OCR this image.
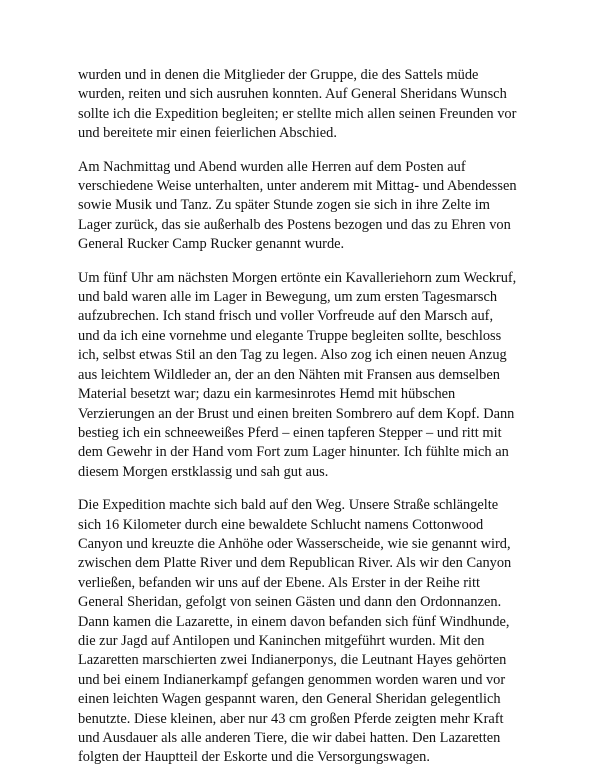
wurden und in denen die Mitglieder der Gruppe, die des Sattels müde
wurden, reiten und sich ausruhen konnten. Auf General Sheridans Wunsch
sollte ich die Expedition begleiten; er stellte mich allen seinen Freunden vor
und bereitete mir einen feierlichen Abschied.

Am Nachmittag und Abend wurden alle Herren auf dem Posten auf
verschiedene Weise unterhalten, unter anderem mit Mittag- und Abendessen
sowie Musik und Tanz. Zu später Stunde zogen sie sich in ihre Zelte im
Lager zurück, das sie außerhalb des Postens bezogen und das zu Ehren von
General Rucker Camp Rucker genannt wurde.

Um fünf Uhr am nächsten Morgen ertönte ein Kavalleriehorn zum Weckruf,
und bald waren alle im Lager in Bewegung, um zum ersten Tagesmarsch
aufzubrechen. Ich stand frisch und voller Vorfreude auf den Marsch auf,
und da ich eine vornehme und elegante Truppe begleiten sollte, beschloss
ich, selbst etwas Stil an den Tag zu legen. Also zog ich einen neuen Anzug
aus leichtem Wildleder an, der an den Nähten mit Fransen aus demselben
Material besetzt war; dazu ein karmesinrotes Hemd mit hübschen
Verzierungen an der Brust und einen breiten Sombrero auf dem Kopf. Dann
bestieg ich ein schneeweißes Pferd – einen tapferen Stepper – und ritt mit
dem Gewehr in der Hand vom Fort zum Lager hinunter. Ich fühlte mich an
diesem Morgen erstklassig und sah gut aus.

Die Expedition machte sich bald auf den Weg. Unsere Straße schlängelte
sich 16 Kilometer durch eine bewaldete Schlucht namens Cottonwood
Canyon und kreuzte die Anhöhe oder Wasserscheide, wie sie genannt wird,
zwischen dem Platte River und dem Republican River. Als wir den Canyon
verließen, befanden wir uns auf der Ebene. Als Erster in der Reihe ritt
General Sheridan, gefolgt von seinen Gästen und dann den Ordonnanzen.
Dann kamen die Lazarette, in einem davon befanden sich fünf Windhunde,
die zur Jagd auf Antilopen und Kaninchen mitgeführt wurden. Mit den
Lazaretten marschierten zwei Indianerponys, die Leutnant Hayes gehörten
und bei einem Indianerkampf gefangen genommen worden waren und vor
einen leichten Wagen gespannt waren, den General Sheridan gelegentlich
benutzte. Diese kleinen, aber nur 43 cm großen Pferde zeigten mehr Kraft
und Ausdauer als alle anderen Tiere, die wir dabei hatten. Den Lazaretten
folgten der Hauptteil der Eskorte und die Versorgungswagen.
